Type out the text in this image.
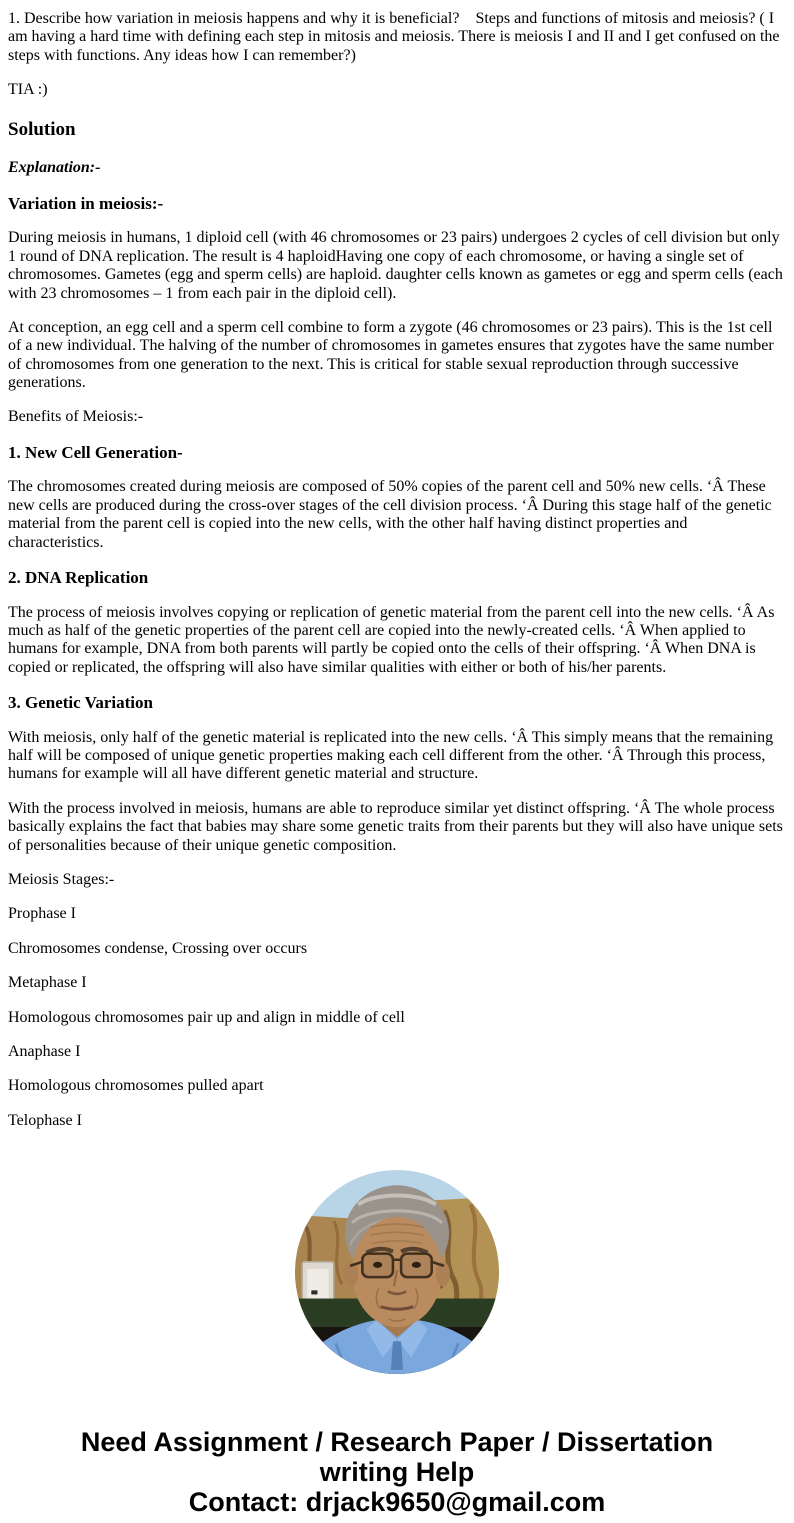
1. Describe how variation in meiosis happens and why it is beneficial?    Steps and functions of mitosis and meiosis? ( I am having a hard time with defining each step in mitosis and meiosis. There is meiosis I and II and I get confused on the steps with functions. Any ideas how I can remember?)

TIA :)

Solution

Explanation:-

Variation in meiosis:-

During meiosis in humans, 1 diploid cell (with 46 chromosomes or 23 pairs) undergoes 2 cycles of cell division but only 1 round of DNA replication. The result is 4 haploidHaving one copy of each chromosome, or having a single set of chromosomes. Gametes (egg and sperm cells) are haploid. daughter cells known as gametes or egg and sperm cells (each with 23 chromosomes – 1 from each pair in the diploid cell).

At conception, an egg cell and a sperm cell combine to form a zygote (46 chromosomes or 23 pairs). This is the 1st cell of a new individual. The halving of the number of chromosomes in gametes ensures that zygotes have the same number of chromosomes from one generation to the next. This is critical for stable sexual reproduction through successive generations.

Benefits of Meiosis:-

1. New Cell Generation-

The chromosomes created during meiosis are composed of 50% copies of the parent cell and 50% new cells. ‘Â These new cells are produced during the cross-over stages of the cell division process. ‘Â During this stage half of the genetic material from the parent cell is copied into the new cells, with the other half having distinct properties and characteristics.

2. DNA Replication

The process of meiosis involves copying or replication of genetic material from the parent cell into the new cells. ‘Â As much as half of the genetic properties of the parent cell are copied into the newly-created cells. ‘Â When applied to humans for example, DNA from both parents will partly be copied onto the cells of their offspring. ‘Â When DNA is copied or replicated, the offspring will also have similar qualities with either or both of his/her parents.

3. Genetic Variation

With meiosis, only half of the genetic material is replicated into the new cells. ‘Â This simply means that the remaining half will be composed of unique genetic properties making each cell different from the other. ‘Â Through this process, humans for example will all have different genetic material and structure.

With the process involved in meiosis, humans are able to reproduce similar yet distinct offspring. ‘Â The whole process basically explains the fact that babies may share some genetic traits from their parents but they will also have unique sets of personalities because of their unique genetic composition.

Meiosis Stages:-

Prophase I

Chromosomes condense, Crossing over occurs

Metaphase I

Homologous chromosomes pair up and align in middle of cell

Anaphase I

Homologous chromosomes pulled apart

Telophase I

Need Assignment / Research Paper / Dissertation
writing Help
Contact: drjack9650@gmail.com
